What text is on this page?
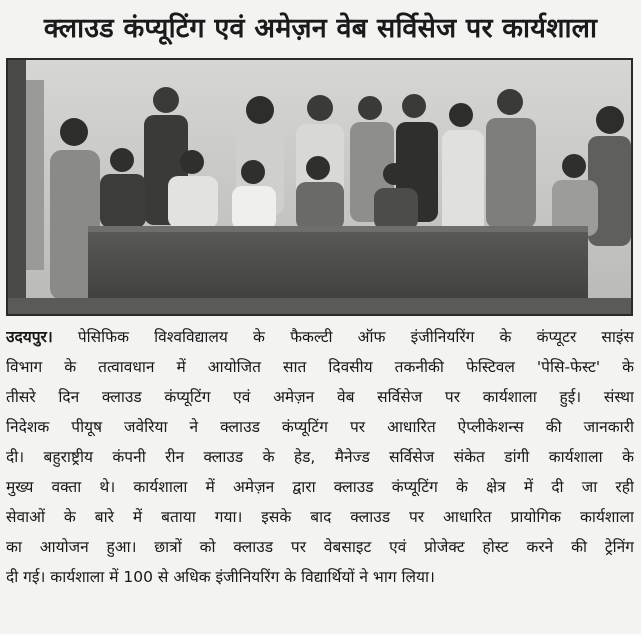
क्लाउड कंप्यूटिंग एवं अमेज़न वेब सर्विसेज पर कार्यशाला
उदयपुर। पेसिफिक विश्वविद्यालय के फैकल्टी ऑफ इंजीनियरिंग के कंप्यूटर साइंस
विभाग के तत्वावधान में आयोजित सात दिवसीय तकनीकी फेस्टिवल 'पेसि-फेस्ट' के
तीसरे दिन क्लाउड कंप्यूटिंग एवं अमेज़न वेब सर्विसेज पर कार्यशाला हुई। संस्था
निदेशक पीयूष जवेरिया ने क्लाउड कंप्यूटिंग पर आधारित ऐप्लीकेशन्स की जानकारी
दी। बहुराष्ट्रीय कंपनी रीन क्लाउड के हेड, मैनेज्ड सर्विसेज संकेत डांगी कार्यशाला के
मुख्य वक्ता थे। कार्यशाला में अमेज़न द्वारा क्लाउड कंप्यूटिंग के क्षेत्र में दी जा रही
सेवाओं के बारे में बताया गया। इसके बाद क्लाउड पर आधारित प्रायोगिक कार्यशाला
का आयोजन हुआ। छात्रों को क्लाउड पर वेबसाइट एवं प्रोजेक्ट होस्ट करने की ट्रेनिंग
दी गई। कार्यशाला में 100 से अधिक इंजीनियरिंग के विद्यार्थियों ने भाग लिया।
